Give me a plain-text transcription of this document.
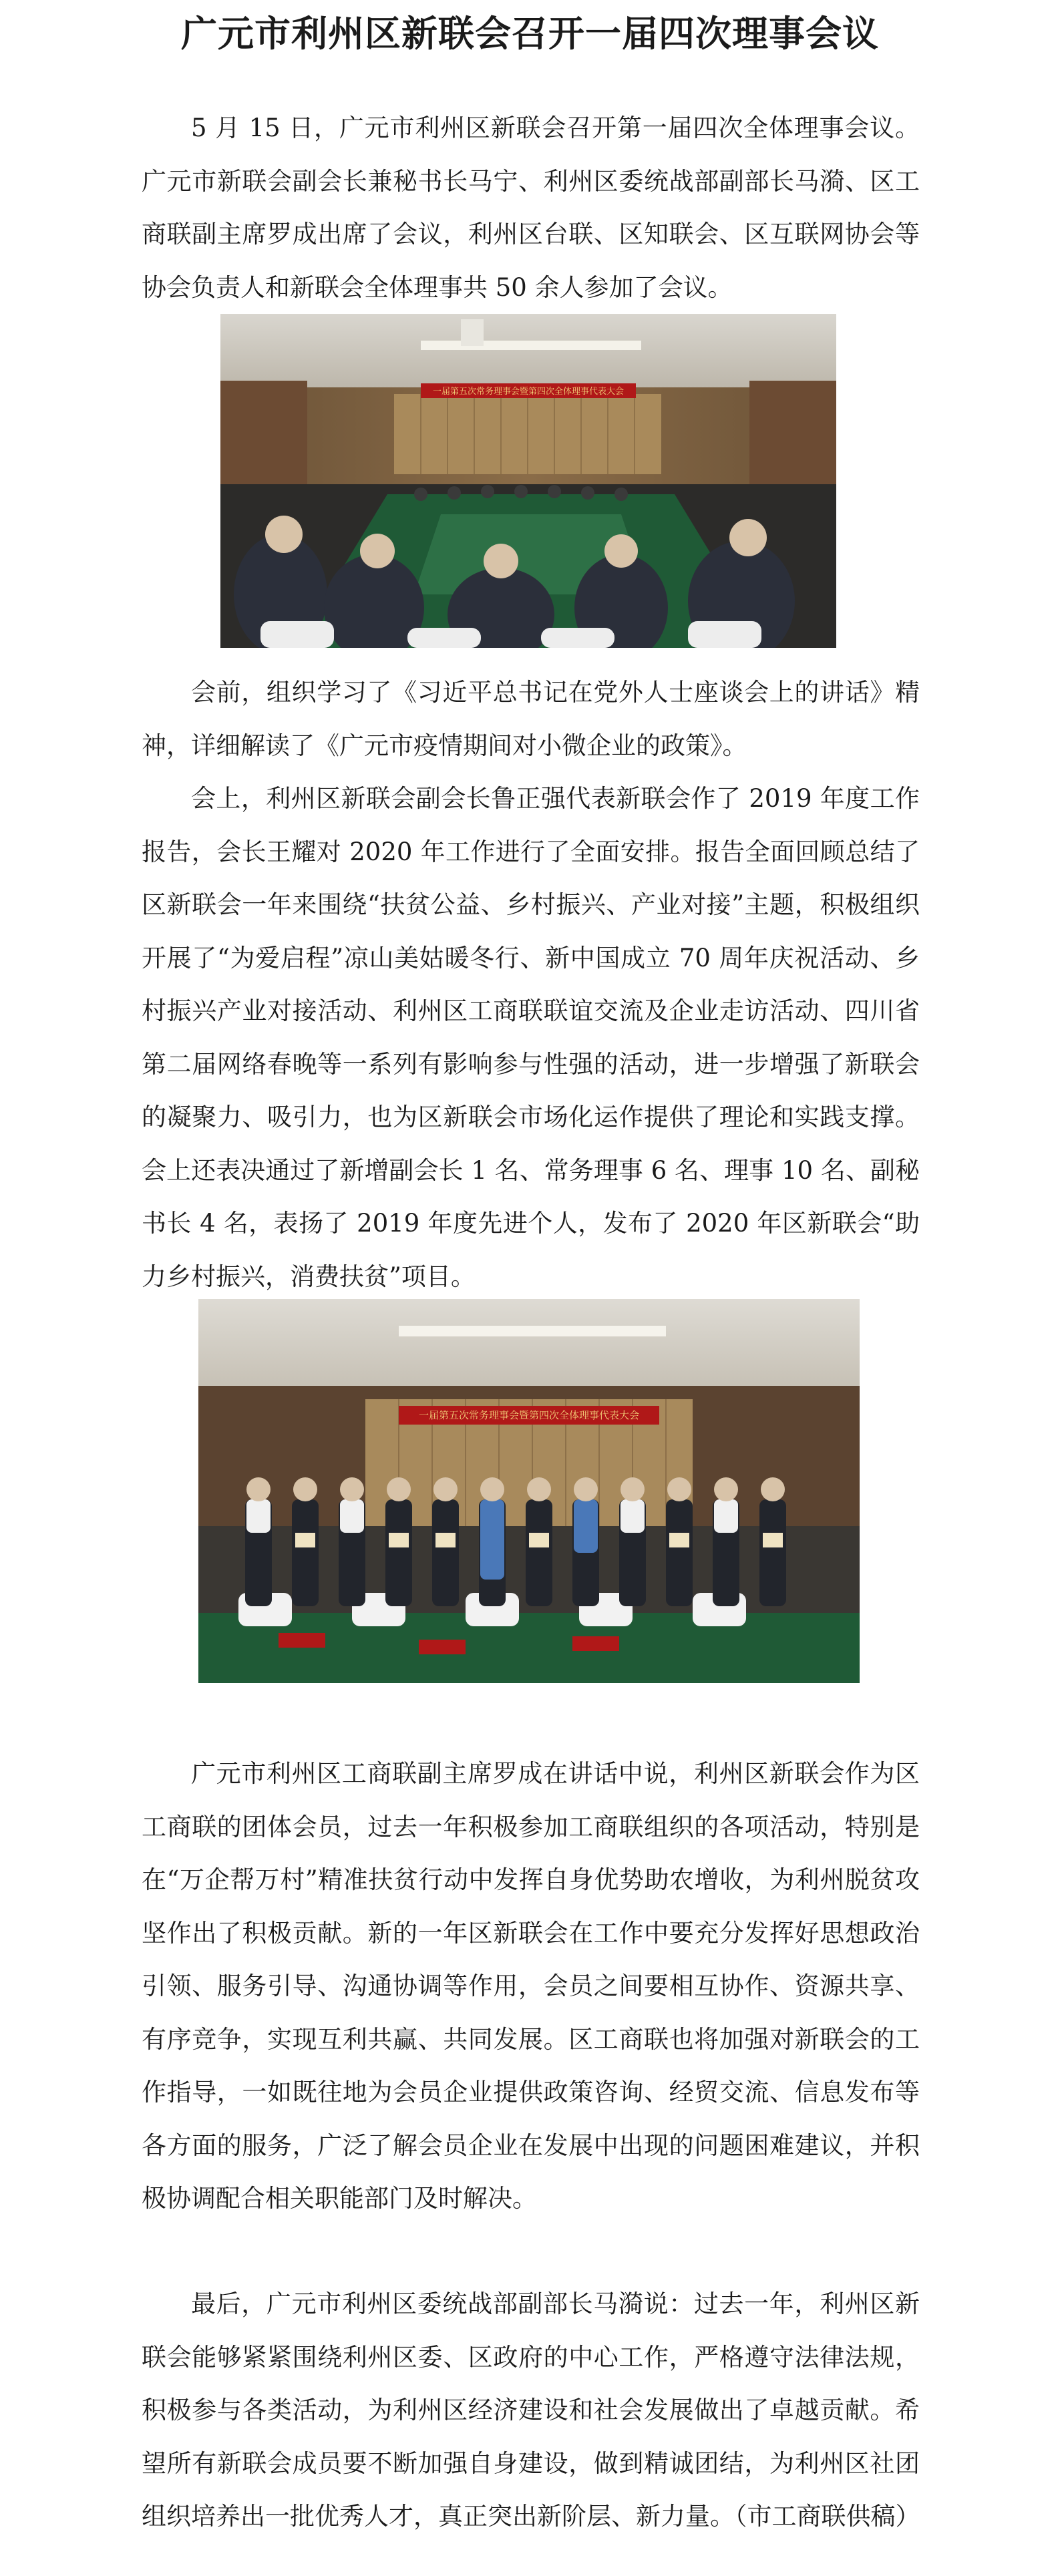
广元市利州区新联会召开一届四次理事会议

5 月 15 日，广元市利州区新联会召开第一届四次全体理事会议。广元市新联会副会长兼秘书长马宁、利州区委统战部副部长马漪、区工商联副主席罗成出席了会议，利州区台联、区知联会、区互联网协会等协会负责人和新联会全体理事共 50 余人参加了会议。

一届第五次常务理事会暨第四次全体理事代表大会

会前，组织学习了《习近平总书记在党外人士座谈会上的讲话》精神，详细解读了《广元市疫情期间对小微企业的政策》。

会上，利州区新联会副会长鲁正强代表新联会作了 2019 年度工作报告，会长王耀对 2020 年工作进行了全面安排。报告全面回顾总结了区新联会一年来围绕“扶贫公益、乡村振兴、产业对接”主题，积极组织开展了“为爱启程”凉山美姑暖冬行、新中国成立 70 周年庆祝活动、乡村振兴产业对接活动、利州区工商联联谊交流及企业走访活动、四川省第二届网络春晚等一系列有影响参与性强的活动，进一步增强了新联会的凝聚力、吸引力，也为区新联会市场化运作提供了理论和实践支撑。会上还表决通过了新增副会长 1 名、常务理事 6 名、理事 10 名、副秘书长 4 名，表扬了 2019 年度先进个人，发布了 2020 年区新联会“助力乡村振兴，消费扶贫”项目。

一届第五次常务理事会暨第四次全体理事代表大会

广元市利州区工商联副主席罗成在讲话中说，利州区新联会作为区工商联的团体会员，过去一年积极参加工商联组织的各项活动，特别是在“万企帮万村”精准扶贫行动中发挥自身优势助农增收，为利州脱贫攻坚作出了积极贡献。新的一年区新联会在工作中要充分发挥好思想政治引领、服务引导、沟通协调等作用，会员之间要相互协作、资源共享、有序竞争，实现互利共赢、共同发展。区工商联也将加强对新联会的工作指导，一如既往地为会员企业提供政策咨询、经贸交流、信息发布等各方面的服务，广泛了解会员企业在发展中出现的问题困难建议，并积极协调配合相关职能部门及时解决。

最后，广元市利州区委统战部副部长马漪说：过去一年，利州区新联会能够紧紧围绕利州区委、区政府的中心工作，严格遵守法律法规，积极参与各类活动，为利州区经济建设和社会发展做出了卓越贡献。希望所有新联会成员要不断加强自身建设，做到精诚团结，为利州区社团组织培养出一批优秀人才，真正突出新阶层、新力量。（市工商联供稿）
